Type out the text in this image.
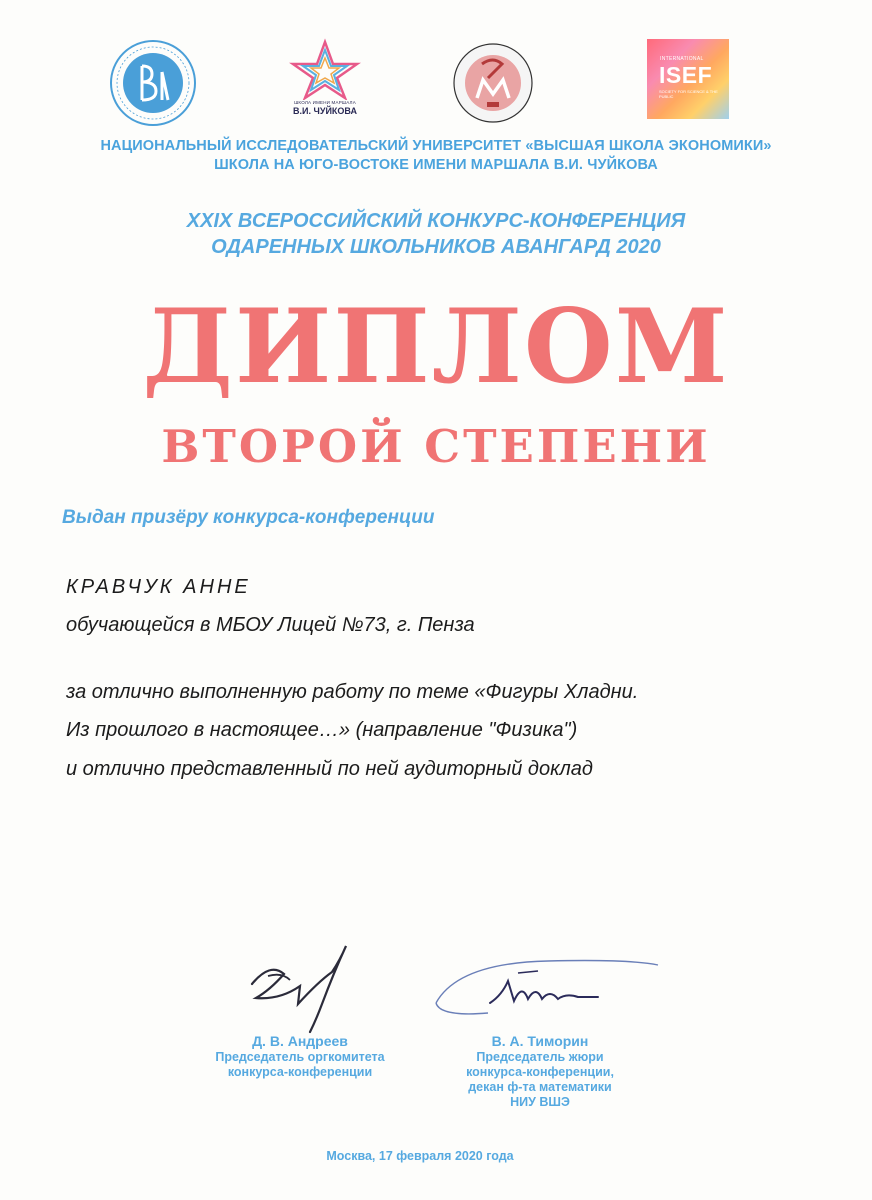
ШКОЛА ИМЕНИ МАРШАЛА
В.И. ЧУЙКОВА
INTERNATIONAL
ISEF
SOCIETY FOR SCIENCE & THE PUBLIC
НАЦИОНАЛЬНЫЙ ИССЛЕДОВАТЕЛЬСКИЙ УНИВЕРСИТЕТ «ВЫСШАЯ ШКОЛА ЭКОНОМИКИ»
ШКОЛА НА ЮГО-ВОСТОКЕ ИМЕНИ МАРШАЛА В.И. ЧУЙКОВА
XXIX ВСЕРОССИЙСКИЙ КОНКУРС-КОНФЕРЕНЦИЯ
ОДАРЕННЫХ ШКОЛЬНИКОВ АВАНГАРД 2020
ДИПЛОМ
ВТОРОЙ СТЕПЕНИ
Выдан призёру конкурса-конференции
КРАВЧУК АННЕ
обучающейся в МБОУ Лицей №73, г. Пенза
за отлично выполненную работу по теме «Фигуры Хладни.
Из прошлого в настоящее…» (направление "Физика")
и отлично представленный по ней аудиторный доклад
Д. В. Андреев
Председатель оргкомитета
конкурса-конференции
В. А. Тиморин
Председатель жюри
конкурса-конференции,
декан ф-та математики
НИУ ВШЭ
Москва, 17 февраля 2020 года
